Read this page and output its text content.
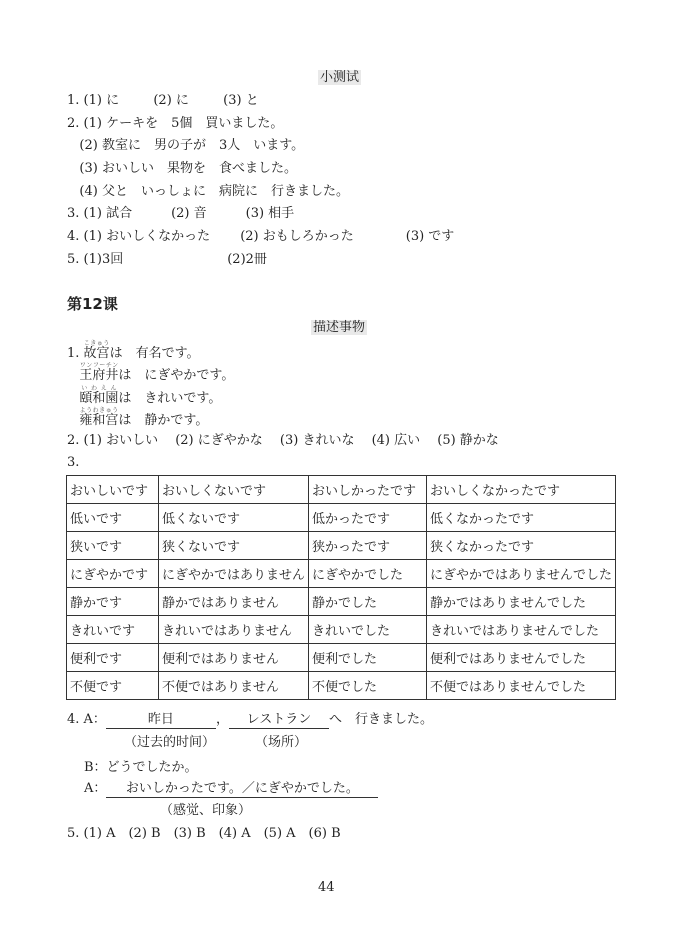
小测试
1. (1) に　　  (2) に　　  (3) と
2. (1) ケーキを　5個　買いました。
(2) 教室に　男の子が　3人　います。
(3) おいしい　果物を　食べました。
(4) 父と　いっしょに　病院に　行きました。
3. (1) 試合　　　(2) 音　　　(3) 相手
4. (1) おいしくなかった　　 (2) おもしろかった　　　　(3) です
5. (1)3回　　　　　　　　(2)2冊
第12课
描述事物
1. 故宫こきゅうは　有名です。
王府井ワンフーチンは　にぎやかです。
頤和園いわえんは　きれいです。
雍和宫ようわきゅうは　静かです。
2. (1) おいしい　 (2) にぎやかな　 (3) きれいな　 (4) 広い　 (5) 静かな
3.
おいしいです	おいしくないです	おいしかったです	おいしくなかったです
低いです	低くないです	低かったです	低くなかったです
狭いです	狭くないです	狭かったです	狭くなかったです
にぎやかです	にぎやかではありません	にぎやかでした	にぎやかではありませんでした
静かです	静かではありません	静かでした	静かではありませんでした
きれいです	きれいではありません	きれいでした	きれいではありませんでした
便利です	便利ではありません	便利でした	便利ではありませんでした
不便です	不便ではありません	不便でした	不便ではありませんでした
4. A：	昨日	， レストラン へ　行きました。
（过去的时间）	（场所）
B：どうでしたか。
A： おいしかったです。／にぎやかでした。
（感觉、印象）
5. (1) A　(2) B　(3) B　(4) A　(5) A　(6) B
44
